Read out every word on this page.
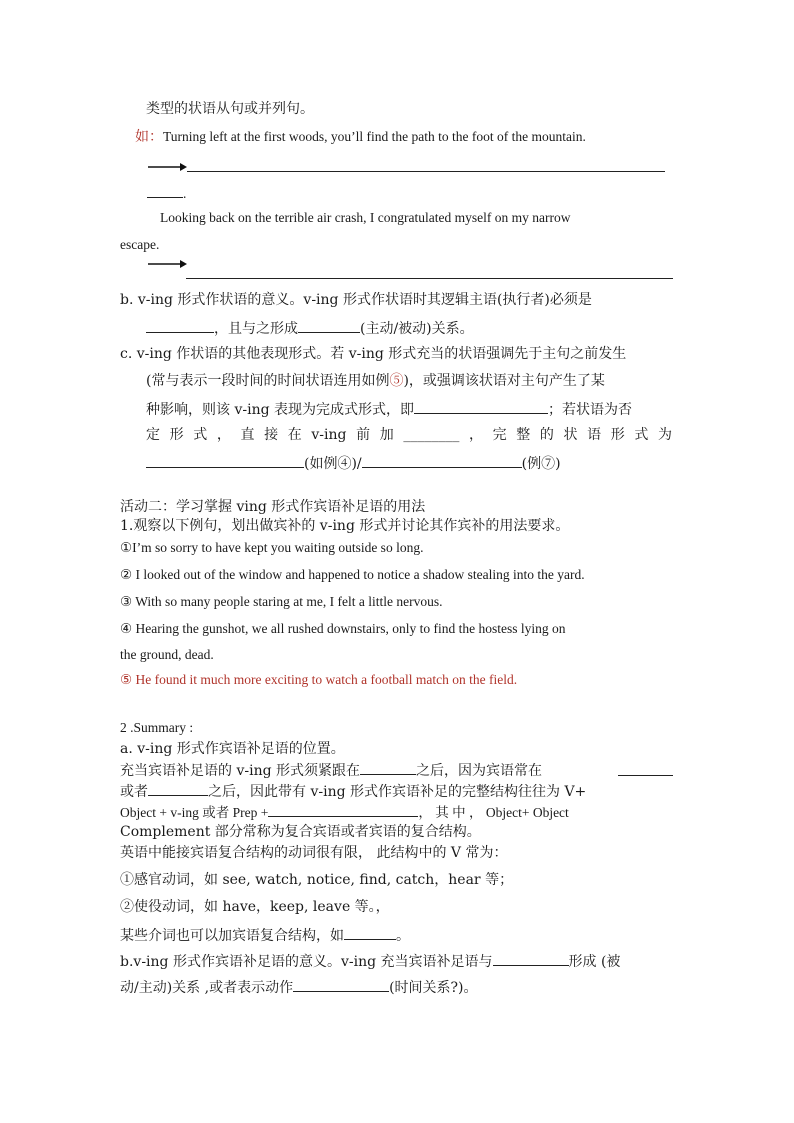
类型的状语从句或并列句。
如：Turning left at the first woods, you’ll find the path to the foot of the mountain.
.
Looking back on the terrible air crash, I congratulated myself on my narrow
escape.
b. v-ing 形式作状语的意义。v-ing 形式作状语时其逻辑主语(执行者)必须是
，且与之形成	(主动/被动)关系。
c. v-ing 作状语的其他表现形式。若 v-ing 形式充当的状语强调先于主句之前发生
(常与表示一段时间的时间状语连用如例⑤)，或强调该状语对主句产生了某
种影响，则该 v-ing 表现为完成式形式，即	；若状语为否
定 形 式 ， 直 接 在 v-ing 前 加 ________ ， 完 整 的 状 语 形 式 为
(如例④)/	(例⑦)
活动二：学习掌握 ving 形式作宾语补足语的用法
1.观察以下例句，划出做宾补的 v-ing 形式并讨论其作宾补的用法要求。
①I’m so sorry to have kept you waiting outside so long.
② I looked out of the window and happened to notice a shadow stealing into the yard.
③ With so many people staring at me, I felt a little nervous.
④ Hearing the gunshot, we all rushed downstairs, only to find the hostess lying on
the ground, dead.
⑤ He found it much more exciting to watch a football match on the field.
2 .Summary :
a. v-ing 形式作宾语补足语的位置。
充当宾语补足语的 v-ing 形式须紧跟在	之后，因为宾语常在
或者	之后，因此带有 v-ing 形式作宾语补足的完整结构往往为 V+
Object + v-ing 或者 Prep +	， 其 中 ， Object+ Object
Complement 部分常称为复合宾语或者宾语的复合结构。
英语中能接宾语复合结构的动词很有限， 此结构中的 V 常为：
①感官动词，如 see, watch, notice, find, catch，hear 等；
②使役动词，如 have，keep, leave 等。，
某些介词也可以加宾语复合结构，如	。
b.v-ing 形式作宾语补足语的意义。v-ing 充当宾语补足语与	形成 (被
动/主动)关系 ,或者表示动作	(时间关系?)。
